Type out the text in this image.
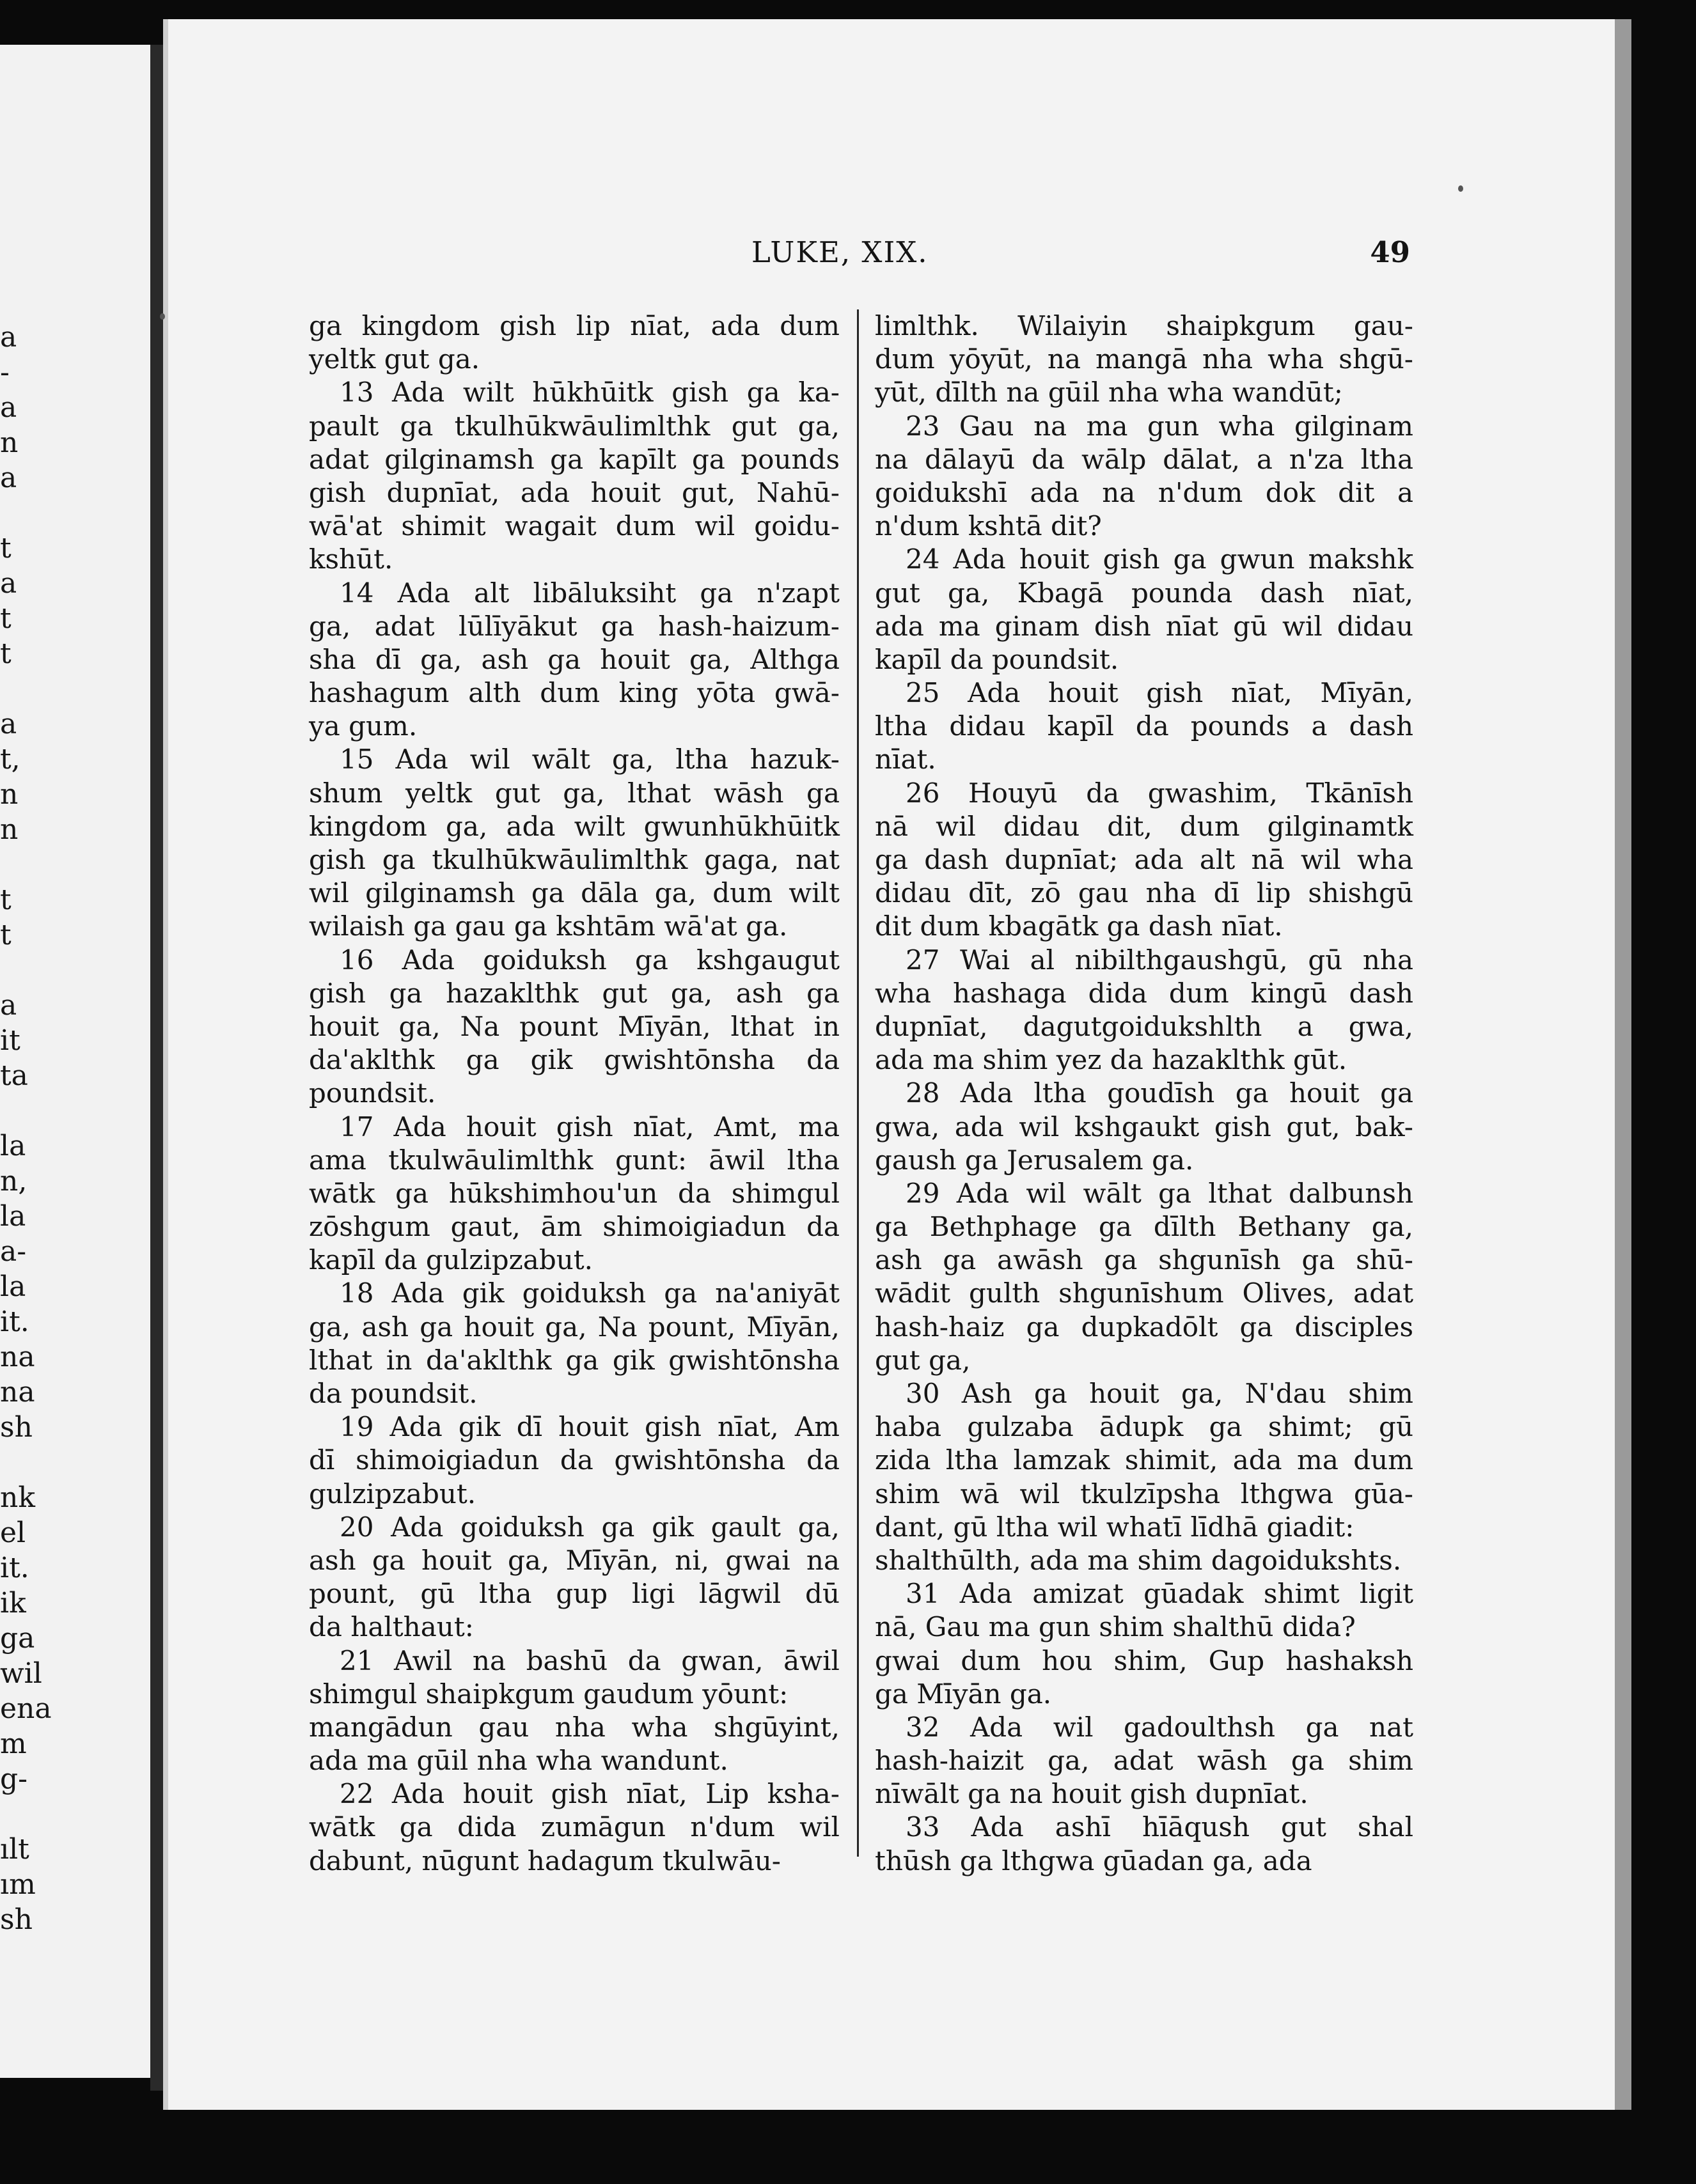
a
-
a
n
a
t
a
t
t
a
t,
n
n
t
t
a
it
ta
la
n,
la
a-
la
it.
na
na
sh
nk
el
it.
ik
ga
wil
ena
m
g-
ılt
ım
sh
LUKE, XIX.	49
ga kingdom gish lip nīat, ada dum
yeltk gut ga.
13 Ada wilt hūkhūitk gish ga ka-
pault ga tkulhūkwāulimlthk gut ga,
adat gilginamsh ga kapīlt ga pounds
gish dupnīat, ada houit gut, Nahū-
wā'at shimit wagait dum wil goidu-
kshūt.
14 Ada alt libāluksiht ga n'zapt
ga, adat lūlīyākut ga hash-haizum-
sha dī ga, ash ga houit ga, Althga
hashagum alth dum king yōta gwā-
ya gum.
15 Ada wil wālt ga, ltha hazuk-
shum yeltk gut ga, lthat wāsh ga
kingdom ga, ada wilt gwunhūkhūitk
gish ga tkulhūkwāulimlthk gaga, nat
wil gilginamsh ga dāla ga, dum wilt
wilaish ga gau ga kshtām wā'at ga.
16 Ada goiduksh ga kshgaugut
gish ga hazaklthk gut ga, ash ga
houit ga, Na pount Mīyān, lthat in
da'aklthk ga gik gwishtōnsha da
poundsit.
17 Ada houit gish nīat, Amt, ma
ama tkulwāulimlthk gunt: āwil ltha
wātk ga hūkshimhou'un da shimgul
zōshgum gaut, ām shimoigiadun da
kapīl da gulzipzabut.
18 Ada gik goiduksh ga na'aniyāt
ga, ash ga houit ga, Na pount, Mīyān,
lthat in da'aklthk ga gik gwishtōnsha
da poundsit.
19 Ada gik dī houit gish nīat, Am
dī shimoigiadun da gwishtōnsha da
gulzipzabut.
20 Ada goiduksh ga gik gault ga,
ash ga houit ga, Mīyān, ni, gwai na
pount, gū ltha gup ligi lāgwil dū
da halthaut:
21 Awil na bashū da gwan, āwil
shimgul shaipkgum gaudum yōunt:
mangādun gau nha wha shgūyint,
ada ma gūil nha wha wandunt.
22 Ada houit gish nīat, Lip ksha-
wātk ga dida zumāgun n'dum wil
dabunt, nūgunt hadagum tkulwāu-
limlthk. Wilaiyin shaipkgum gau-
dum yōyūt, na mangā nha wha shgū-
yūt, dīlth na gūil nha wha wandūt;
23 Gau na ma gun wha gilginam
na dālayū da wālp dālat, a n'za ltha
goidukshī ada na n'dum dok dit a
n'dum kshtā dit?
24 Ada houit gish ga gwun makshk
gut ga, Kbagā pounda dash nīat,
ada ma ginam dish nīat gū wil didau
kapīl da poundsit.
25 Ada houit gish nīat, Mīyān,
ltha didau kapīl da pounds a dash
nīat.
26 Houyū da gwashim, Tkānīsh
nā wil didau dit, dum gilginamtk
ga dash dupnīat; ada alt nā wil wha
didau dīt, zō gau nha dī lip shishgū
dit dum kbagātk ga dash nīat.
27 Wai al nibilthgaushgū, gū nha
wha hashaga dida dum kingū dash
dupnīat, dagutgoidukshlth a gwa,
ada ma shim yez da hazaklthk gūt.
28 Ada ltha goudīsh ga houit ga
gwa, ada wil kshgaukt gish gut, bak-
gaush ga Jerusalem ga.
29 Ada wil wālt ga lthat dalbunsh
ga Bethphage ga dīlth Bethany ga,
ash ga awāsh ga shgunīsh ga shū-
wādit gulth shgunīshum Olives, adat
hash-haiz ga dupkadōlt ga disciples
gut ga,
30 Ash ga houit ga, N'dau shim
haba gulzaba ādupk ga shimt; gū
zida ltha lamzak shimit, ada ma dum
shim wā wil tkulzīpsha lthgwa gūa-
dant, gū ltha wil whatī līdhā giadit:
shalthūlth, ada ma shim dagoidukshts.
31 Ada amizat gūadak shimt ligit
nā, Gau ma gun shim shalthū dida?
gwai dum hou shim, Gup hashaksh
ga Mīyān ga.
32 Ada wil gadoulthsh ga nat
hash-haizit ga, adat wāsh ga shim
nīwālt ga na houit gish dupnīat.
33 Ada ashī hīāqush gut shal
thūsh ga lthgwa gūadan ga, ada
